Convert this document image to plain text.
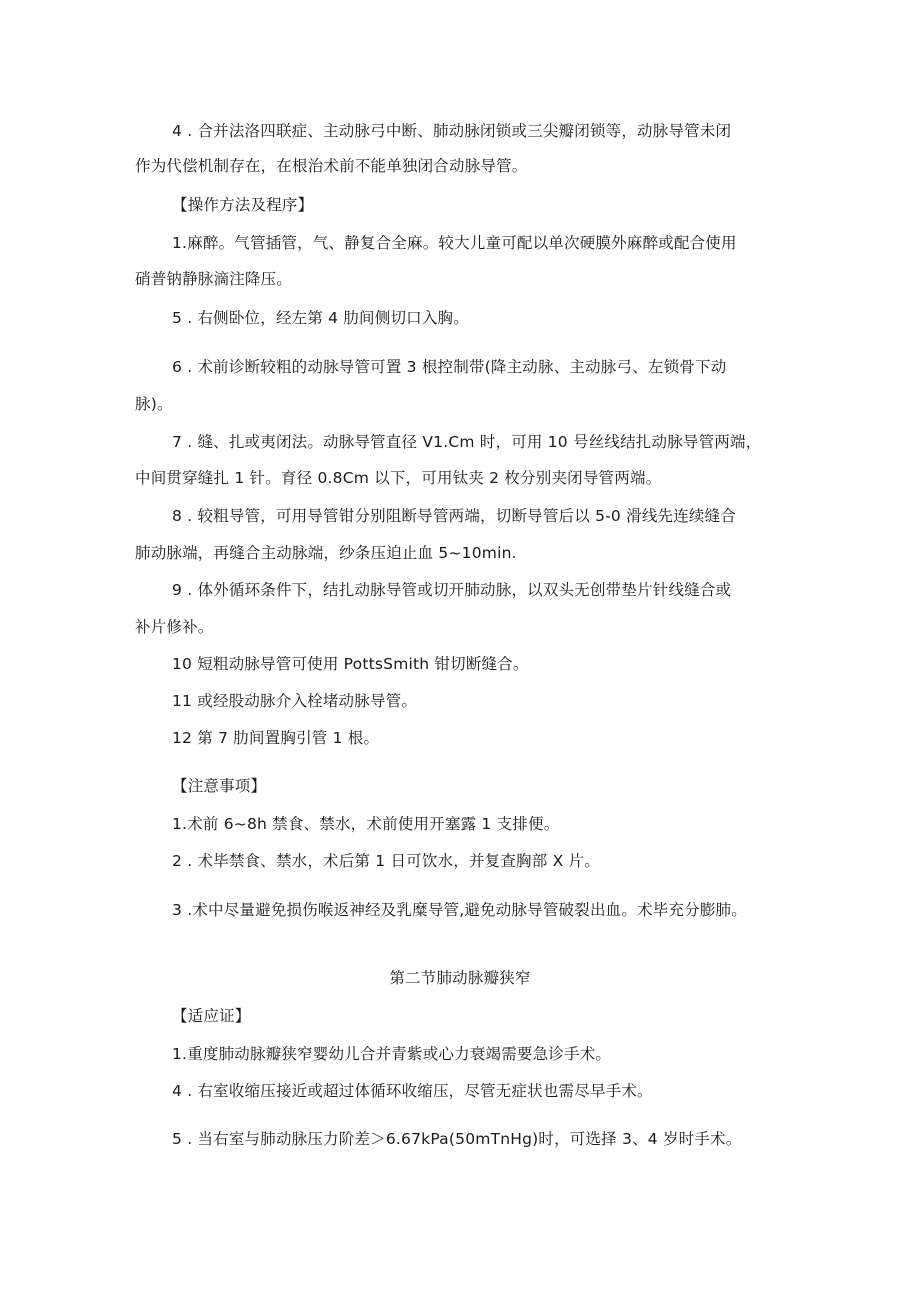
4 . 合并法洛四联症、主动脉弓中断、肺动脉闭锁或三尖瓣闭锁等，动脉导管未闭
作为代偿机制存在，在根治术前不能单独闭合动脉导管。
【操作方法及程序】
1.麻醉。气管插管，气、静复合全麻。较大儿童可配以单次硬膜外麻醉或配合使用
硝普钠静脉滴注降压。
5 . 右侧卧位，经左第 4 肋间侧切口入胸。
6 . 术前诊断较粗的动脉导管可置 3 根控制带(降主动脉、主动脉弓、左锁骨下动
脉)。
7 . 缝、扎或夷闭法。动脉导管直径 V1.Cm 时，可用 10 号丝线结扎动脉导管两端，
中间贯穿缝扎 1 针。育径 0.8Cm 以下，可用钛夹 2 枚分别夹闭导管两端。
8 . 较粗导管，可用导管钳分别阻断导管两端，切断导管后以 5-0 滑线先连续缝合
肺动脉端，再缝合主动脉端，纱条压迫止血 5~10min.
9 . 体外循环条件下，结扎动脉导管或切开肺动脉，以双头无创带垫片针线缝合或
补片修补。
10 短粗动脉导管可使用 PottsSmith 钳切断缝合。
11 或经股动脉介入栓堵动脉导管。
12 第 7 肋间置胸引管 1 根。
【注意事项】
1.术前 6~8h 禁食、禁水，术前使用开塞露 1 支排便。
2 . 术毕禁食、禁水，术后第 1 日可饮水，并复查胸部 X 片。
3 .术中尽量避免损伤喉返神经及乳糜导管,避免动脉导管破裂出血。术毕充分膨肺。
第二节肺动脉瓣狭窄
【适应证】
1.重度肺动脉瓣狭窄婴幼儿合并青紫或心力衰竭需要急诊手术。
4 . 右室收缩压接近或超过体循环收缩压，尽管无症状也需尽早手术。
5 . 当右室与肺动脉压力阶差＞6.67kPa(50mTnHg)时，可选择 3、4 岁时手术。
